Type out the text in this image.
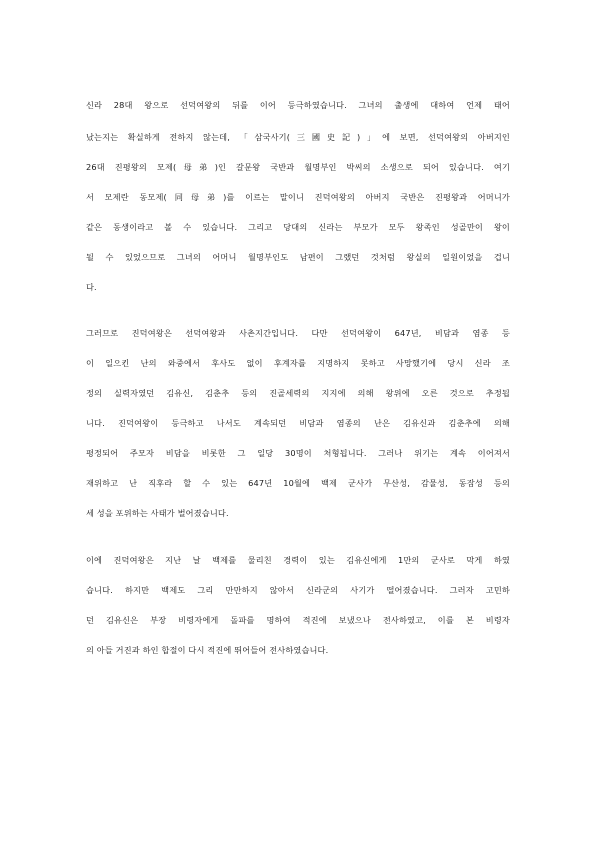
신라 28대 왕으로 선덕여왕의 뒤를 이어 등극하였습니다. 그녀의 출생에 대하여 언제 태어
났는지는 확실하게 전하지 않는데, 「삼국사기(三國史記)」에 보면, 선덕여왕의 아버지인
26대 진평왕의 모제(母弟)인 갈문왕 국반과 월명부인 박씨의 소생으로 되어 있습니다. 여기
서 모제란 동모제(同母弟)를 이르는 말이니 진덕여왕의 아버지 국반은 진평왕과 어머니가
같은 동생이라고 볼 수 있습니다. 그리고 당대의 신라는 부모가 모두 왕족인 성골만이 왕이
될 수 있었으므로 그녀의 어머니 월명부인도 남편이 그랬던 것처럼 왕실의 일원이었을 겁니
다.
그러므로 진덕여왕은 선덕여왕과 사촌지간입니다. 다만 선덕여왕이 647년, 비담과 염종 등
이 일으킨 난의 와중에서 후사도 없이 후계자를 지명하지 못하고 사망했기에 당시 신라 조
정의 실력자였던 김유신, 김춘추 등의 진골세력의 지지에 의해 왕위에 오른 것으로 추정됩
니다. 진덕여왕이 등극하고 나서도 계속되던 비담과 염종의 난은 김유신과 김춘추에 의해
평정되어 주모자 비담을 비롯한 그 일당 30명이 처형됩니다. 그러나 위기는 계속 이어져서
재위하고 난 직후라 할 수 있는 647년 10월에 백제 군사가 무산성, 감물성, 동잠성 등의
세 성을 포위하는 사태가 벌어졌습니다.
이에 진덕여왕은 지난 날 백제를 물리친 경력이 있는 김유신에게 1만의 군사로 막게 하였
습니다. 하지만 백제도 그리 만만하지 않아서 신라군의 사기가 떨어졌습니다. 그러자 고민하
던 김유신은 부장 비령자에게 돌파를 명하여 적진에 보냈으나 전사하였고, 이를 본 비령자
의 아들 거진과 하인 합절이 다시 적진에 뛰어들어 전사하였습니다.
